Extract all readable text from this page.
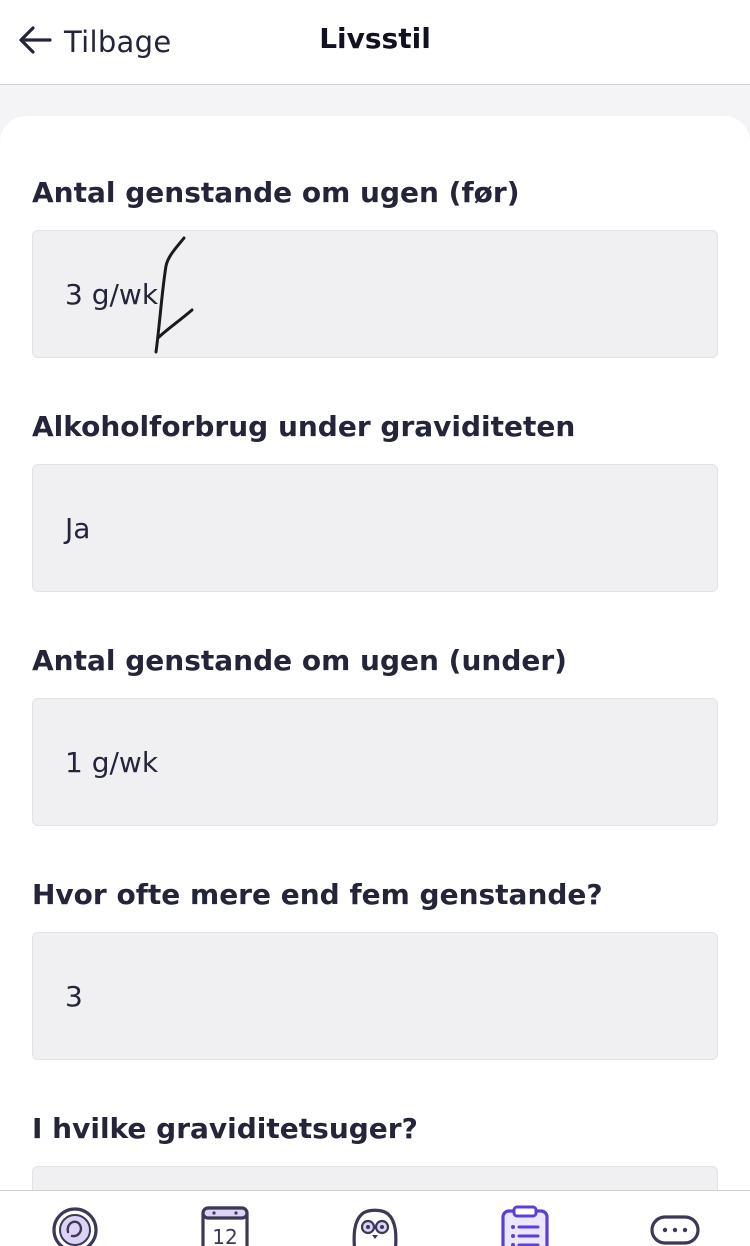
Tilbage	Livsstil
Antal genstande om ugen (før)
3 g/wk
Alkoholforbrug under graviditeten
Ja
Antal genstande om ugen (under)
1 g/wk
Hvor ofte mere end fem genstande?
3
I hvilke graviditetsuger?
12
